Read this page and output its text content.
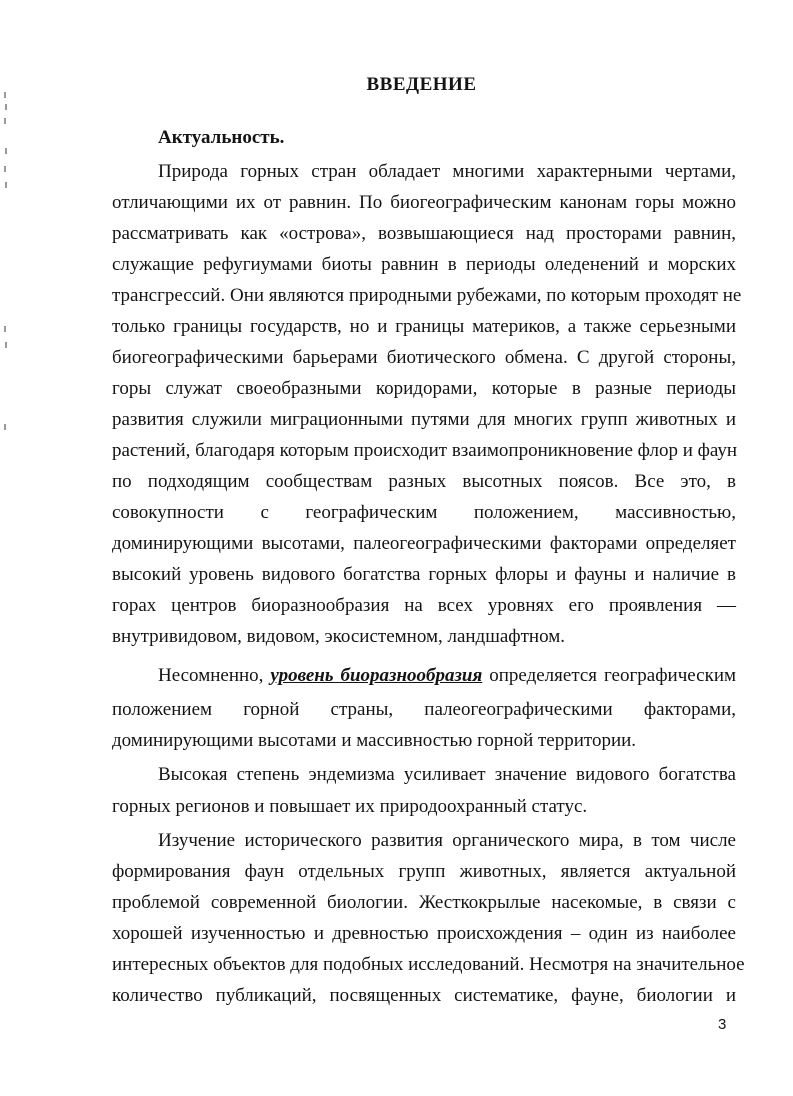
ВВЕДЕНИЕ
Актуальность.
Природа горных стран обладает многими характерными чертами,
отличающими их от равнин. По биогеографическим канонам горы можно
рассматривать как «острова», возвышающиеся над просторами равнин,
служащие рефугиумами биоты равнин в периоды оледенений и морских
трансгрессий. Они являются природными рубежами, по которым проходят не
только границы государств, но и границы материков, а также серьезными
биогеографическими барьерами биотического обмена. С другой стороны,
горы служат своеобразными коридорами, которые в разные периоды
развития служили миграционными путями для многих групп животных и
растений, благодаря которым происходит взаимопроникновение флор и фаун
по подходящим сообществам разных высотных поясов. Все это, в
совокупности с географическим положением, массивностью,
доминирующими высотами, палеогеографическими факторами определяет
высокий уровень видового богатства горных флоры и фауны и наличие в
горах центров биоразнообразия на всех уровнях его проявления —
внутривидовом, видовом, экосистемном, ландшафтном.
Несомненно, уровень биоразнообразия определяется географическим
положением горной страны, палеогеографическими факторами,
доминирующими высотами и массивностью горной территории.
Высокая степень эндемизма усиливает значение видового богатства
горных регионов и повышает их природоохранный статус.
Изучение исторического развития органического мира, в том числе
формирования фаун отдельных групп животных, является актуальной
проблемой современной биологии. Жесткокрылые насекомые, в связи с
хорошей изученностью и древностью происхождения – один из наиболее
интересных объектов для подобных исследований. Несмотря на значительное
количество публикаций, посвященных систематике, фауне, биологии и
3
